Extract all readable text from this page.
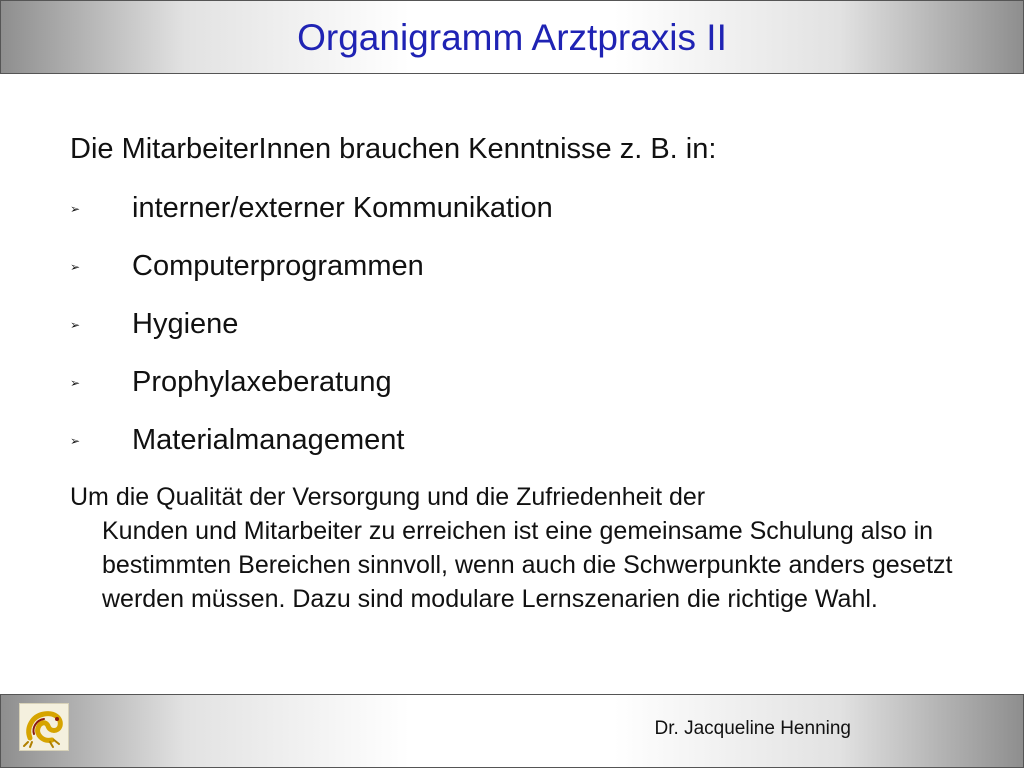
Organigramm Arztpraxis II
Die MitarbeiterInnen brauchen Kenntnisse z. B. in:
➢ interner/externer Kommunikation
➢ Computerprogrammen
➢ Hygiene
➢ Prophylaxeberatung
➢ Materialmanagement
Um die Qualität der Versorgung und die Zufriedenheit der
Kunden und Mitarbeiter zu erreichen ist eine gemeinsame Schulung also in bestimmten Bereichen sinnvoll, wenn auch die Schwerpunkte anders gesetzt werden müssen. Dazu sind modulare Lernszenarien die richtige Wahl.
Dr. Jacqueline Henning
